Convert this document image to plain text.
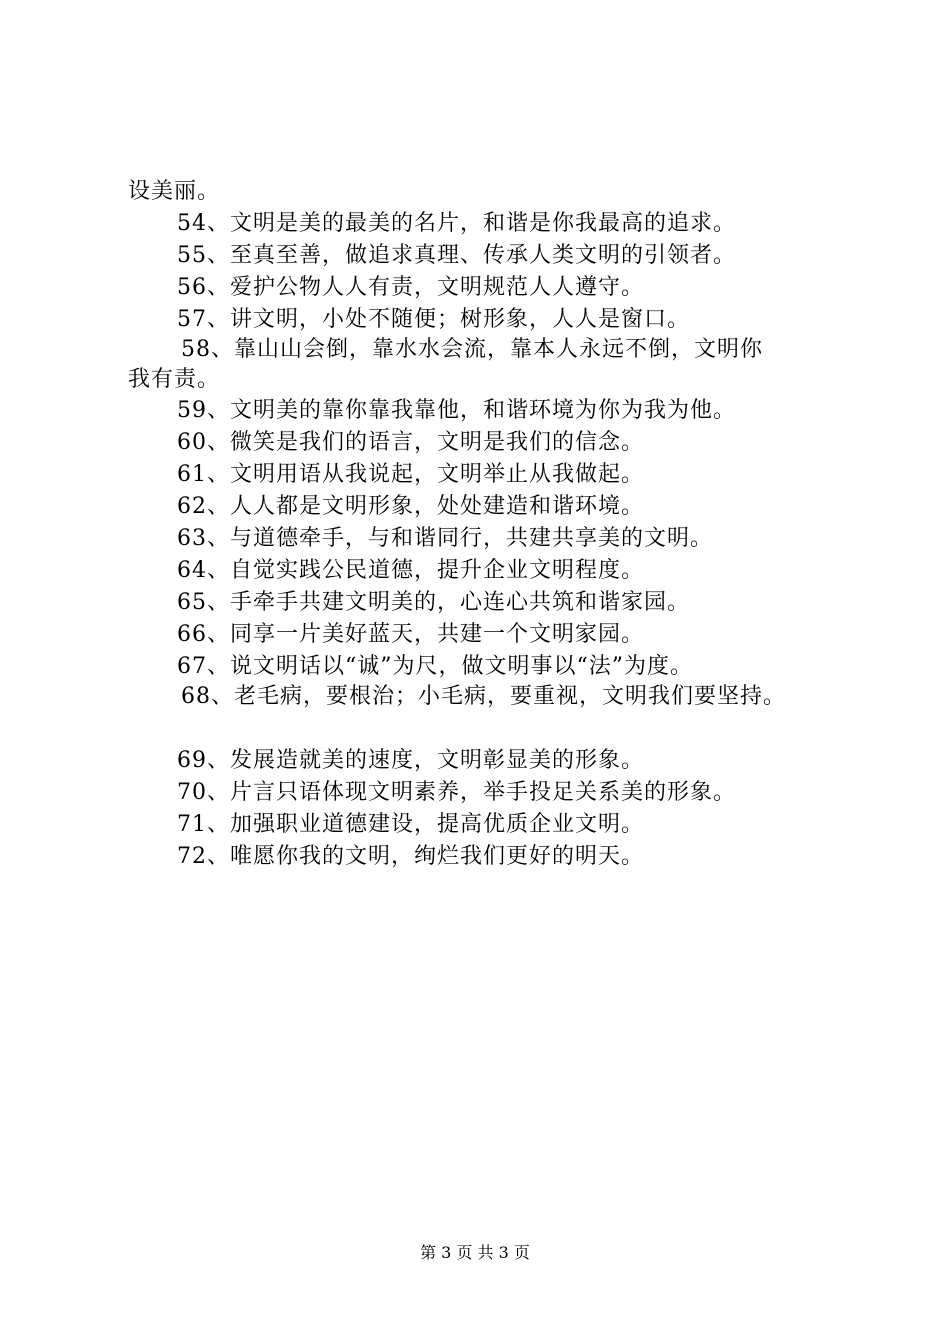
设美丽。
54、文明是美的最美的名片，和谐是你我最高的追求。
55、至真至善，做追求真理、传承人类文明的引领者。
56、爱护公物人人有责，文明规范人人遵守。
57、讲文明，小处不随便；树形象，人人是窗口。
58、靠山山会倒，靠水水会流，靠本人永远不倒，文明你
我有责。
59、文明美的靠你靠我靠他，和谐环境为你为我为他。
60、微笑是我们的语言，文明是我们的信念。
61、文明用语从我说起，文明举止从我做起。
62、人人都是文明形象，处处建造和谐环境。
63、与道德牵手，与和谐同行，共建共享美的文明。
64、自觉实践公民道德，提升企业文明程度。
65、手牵手共建文明美的，心连心共筑和谐家园。
66、同享一片美好蓝天，共建一个文明家园。
67、说文明话以“诚”为尺，做文明事以“法”为度。
68、老毛病，要根治；小毛病，要重视，文明我们要坚持。
69、发展造就美的速度，文明彰显美的形象。
70、片言只语体现文明素养，举手投足关系美的形象。
71、加强职业道德建设，提高优质企业文明。
72、唯愿你我的文明，绚烂我们更好的明天。
第 3 页 共 3 页
